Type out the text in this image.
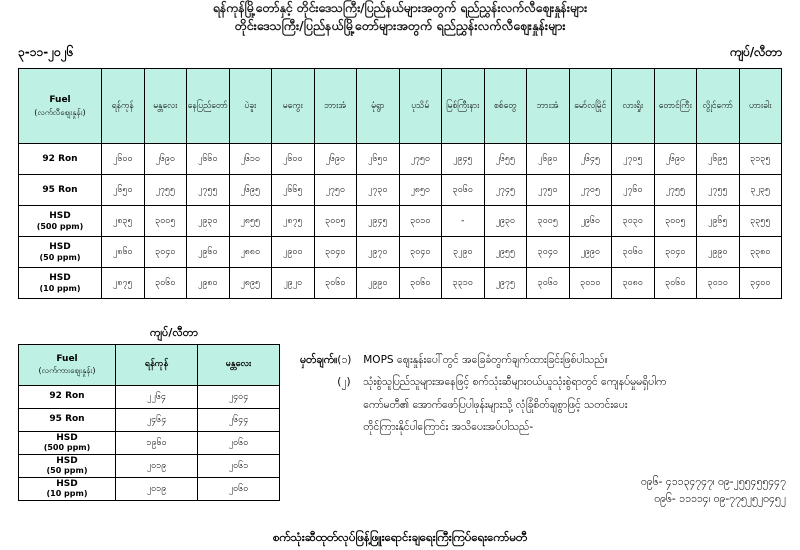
ရန်ကုန်မြို့တော်နှင့် တိုင်းဒေသကြီး/ပြည်နယ်များအတွက် ရည်ညွှန်းလက်လီဈေးနှုန်းများ
တိုင်းဒေသကြီး/ပြည်နယ်မြို့တော်များအတွက် ရည်ညွှန်းလက်လီဈေးနှုန်းများ
၃-၁၁-၂၀၂၆	ကျပ်/လီတာ
Fuel
(လက်လီဈေးနှုန်း)	ရန်ကုန်	မန္တလေး	နေပြည်တော်	ပဲခူး	မကွေး	ဘားအံ	မုံရွာ	ပုသိမ်	မြစ်ကြီးနား	စစ်တွေ	ဘားအံ	မော်လမြိုင်	လားရှိုး	တောင်ကြီး	လွိုင်ကော်	ဟားခါး
92 Ron	၂၆၀၀	၂၆၉၀	၂၆၆၀	၂၆၁၀	၂၆၀၀	၂၆၉၀	၂၆၅၀	၂၇၅၀	၂၉၄၅	၂၆၅၅	၂၆၉၀	၂၆၄၅	၂၇၀၅	၂၆၉၀	၂၆၉၅	၃၁၃၅
95 Ron	၂၆၅၀	၂၇၅၅	၂၇၅၅	၂၆၉၅	၂၆၆၅	၂၇၅၀	၂၇၃၀	၂၈၅၀	၃၀၆၀	၂၇၄၅	၂၇၅၀	၂၇၀၅	၂၇၆၀	၂၇၅၅	၂၇၅၅	၃၂၃၅
HSD
(500 ppm)	၂၈၃၅	၃၀၀၅	၂၉၃၀	၂၈၅၅	၂၈၇၅	၃၀၀၅	၂၉၄၅	၃၀၁၀	-	၂၉၃၀	၃၀၀၅	၂၉၆၀	၃၀၃၀	၃၀၀၅	၂၉၆၅	၃၃၅၅
HSD
(50 ppm)	၂၈၆၀	၃၀၄၀	၂၉၆၀	၂၈၈၀	၂၉၀၀	၃၀၄၀	၂၉၇၀	၃၀၄၀	၃၂၉၀	၂၉၅၅	၃၀၄၀	၂၉၉၀	၃၀၆၀	၃၀၄၀	၂၉၉၀	၃၃၈၀
HSD
(10 ppm)	၂၈၇၅	၃၀၆၀	၂၉၈၀	၂၈၉၅	၂၉၂၀	၃၀၆၀	၂၉၉၀	၃၀၆၀	၃၃၁၀	၂၉၇၅	၃၀၆၀	၃၀၁၀	၃၀၈၀	၃၀၆၀	၃၀၁၀	၃၄၀၀
ကျပ်/လီတာ
Fuel
(လက်ကားဈေးနှုန်း)	ရန်ကုန်	မန္တလေး
92 Ron	၂၂၆၄	၂၄၀၄
95 Ron	၂၄၆၄	၂၆၄၄
HSD
(500 ppm)	၁၉၆၀	၂၀၆၀
HSD
(50 ppm)	၂၀၁၉	၂၀၆၁
HSD
(10 ppm)	၂၀၁၉	၂၀၆၀
မှတ်ချက်။ (၁)	MOPS ဈေးနှုန်းပေါ်တွင် အခြေခံတွက်ချက်ထားခြင်းဖြစ်ပါသည်။
(၂)	သုံးစွဲသူပြည်သူများအနေဖြင့် စက်သုံးဆီများဝယ်ယူသုံးစွဲရာတွင် ကျေနပ်မှုမရှိပါက
ကော်မတီ၏ အောက်ဖော်ပြပါဖုန်းများသို့ လုံခြုံစိတ်ချစွာဖြင့် သတင်းပေး
တိုင်ကြားနိုင်ပါကြောင်း အသိပေးအပ်ပါသည်-
၀၉၆- ၄၁၁၃၄၇၄၇၊ ၀၉-၂၅၅၄၅၅၄၄၇
၀၉၆- ၁၁၁၁၄၊ ၀၉-၇၇၅၂၅၂၀၄၅၂
စက်သုံးဆီထုတ်လုပ်ဖြန့်ဖြူးရောင်းချရေးကြီးကြပ်ရေးကော်မတီ
